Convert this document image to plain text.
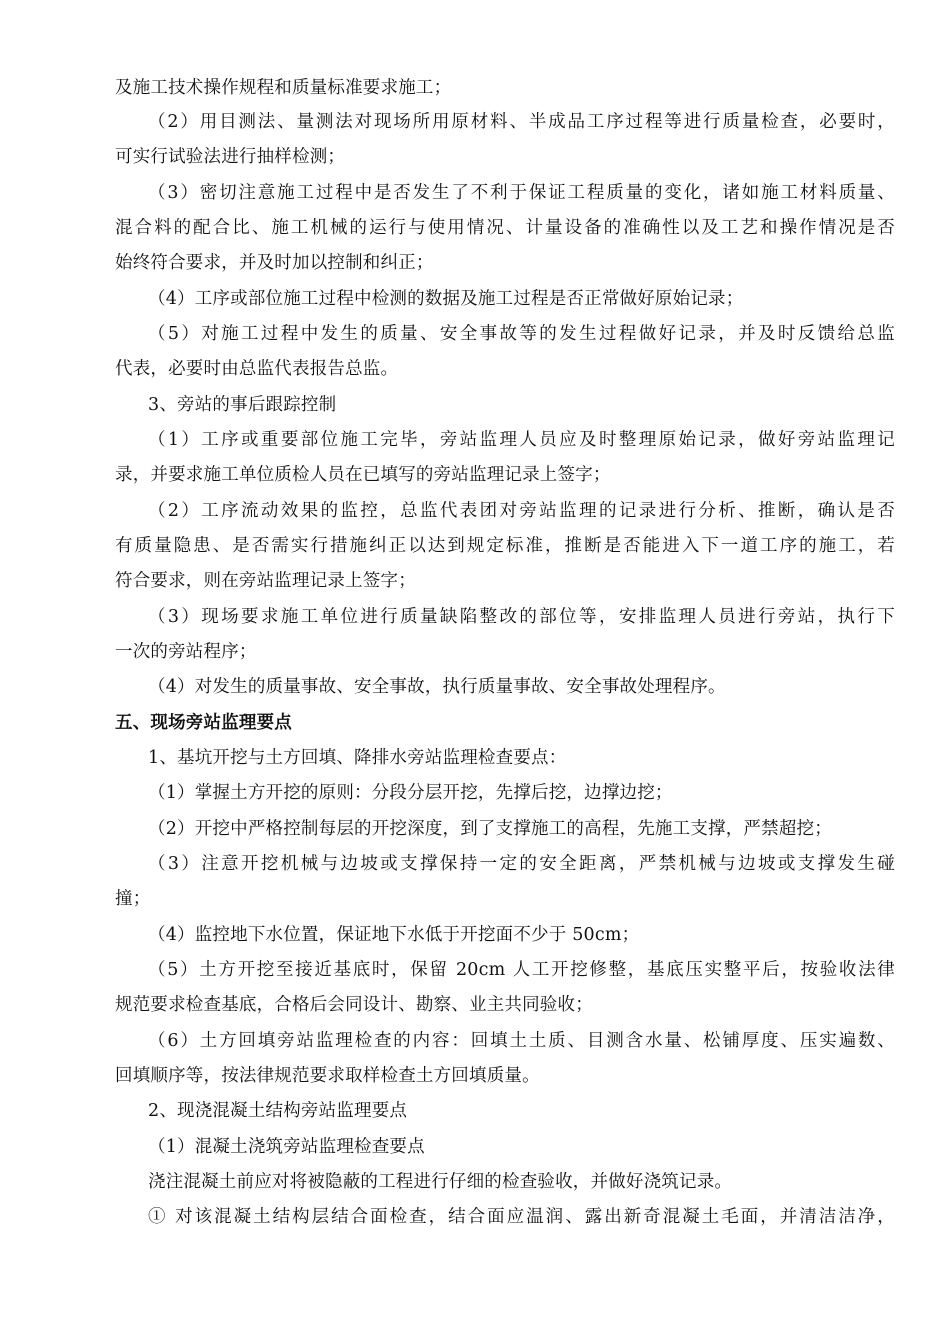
及施工技术操作规程和质量标准要求施工；
（2）用目测法、量测法对现场所用原材料、半成品工序过程等进行质量检查，必要时，
可实行试验法进行抽样检测；
（3）密切注意施工过程中是否发生了不利于保证工程质量的变化，诸如施工材料质量、
混合料的配合比、施工机械的运行与使用情况、计量设备的准确性以及工艺和操作情况是否
始终符合要求，并及时加以控制和纠正；
（4）工序或部位施工过程中检测的数据及施工过程是否正常做好原始记录；
（5）对施工过程中发生的质量、安全事故等的发生过程做好记录，并及时反馈给总监
代表，必要时由总监代表报告总监。
3、旁站的事后跟踪控制
（1）工序或重要部位施工完毕，旁站监理人员应及时整理原始记录，做好旁站监理记
录，并要求施工单位质检人员在已填写的旁站监理记录上签字；
（2）工序流动效果的监控，总监代表团对旁站监理的记录进行分析、推断，确认是否
有质量隐患、是否需实行措施纠正以达到规定标准，推断是否能进入下一道工序的施工，若
符合要求，则在旁站监理记录上签字；
（3）现场要求施工单位进行质量缺陷整改的部位等，安排监理人员进行旁站，执行下
一次的旁站程序；
（4）对发生的质量事故、安全事故，执行质量事故、安全事故处理程序。
五、现场旁站监理要点
1、基坑开挖与土方回填、降排水旁站监理检查要点：
（1）掌握土方开挖的原则：分段分层开挖，先撑后挖，边撑边挖；
（2）开挖中严格控制每层的开挖深度，到了支撑施工的高程，先施工支撑，严禁超挖；
（3）注意开挖机械与边坡或支撑保持一定的安全距离，严禁机械与边坡或支撑发生碰
撞；
（4）监控地下水位置，保证地下水低于开挖面不少于 50cm；
（5）土方开挖至接近基底时，保留 20cm 人工开挖修整，基底压实整平后，按验收法律
规范要求检查基底，合格后会同设计、勘察、业主共同验收；
（6）土方回填旁站监理检查的内容：回填土土质、目测含水量、松铺厚度、压实遍数、
回填顺序等，按法律规范要求取样检查土方回填质量。
2、现浇混凝土结构旁站监理要点
（1）混凝土浇筑旁站监理检查要点
浇注混凝土前应对将被隐蔽的工程进行仔细的检查验收，并做好浇筑记录。
① 对该混凝土结构层结合面检查，结合面应温润、露出新奇混凝土毛面，并清洁洁净，
